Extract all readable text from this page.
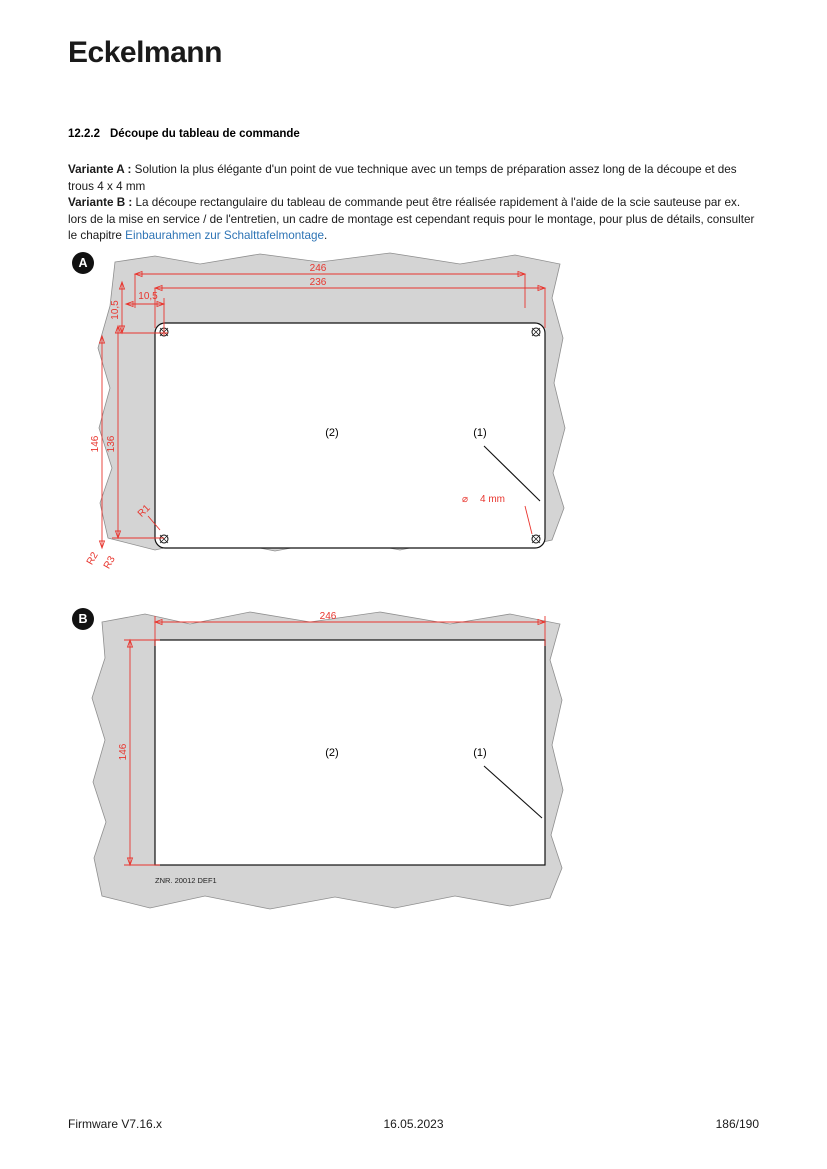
Eckelmann
12.2.2 Découpe du tableau de commande
Variante A : Solution la plus élégante d'un point de vue technique avec un temps de préparation assez long de la découpe et des trous 4 x 4 mm
Variante B : La découpe rectangulaire du tableau de commande peut être réalisée rapidement à l'aide de la scie sauteuse par ex. lors de la mise en service / de l'entretien, un cadre de montage est cependant requis pour le montage, pour plus de détails, consulter le chapitre Einbaurahmen zur Schalttafelmontage.
A	246
236
10,5
10,5
146 136
R1
R2 R3
⌀ 4 mm
(2)	(1)
B	246
146	(2)	(1)
ZNR. 20012 DEF1
Firmware V7.16.x	16.05.2023	186/190
